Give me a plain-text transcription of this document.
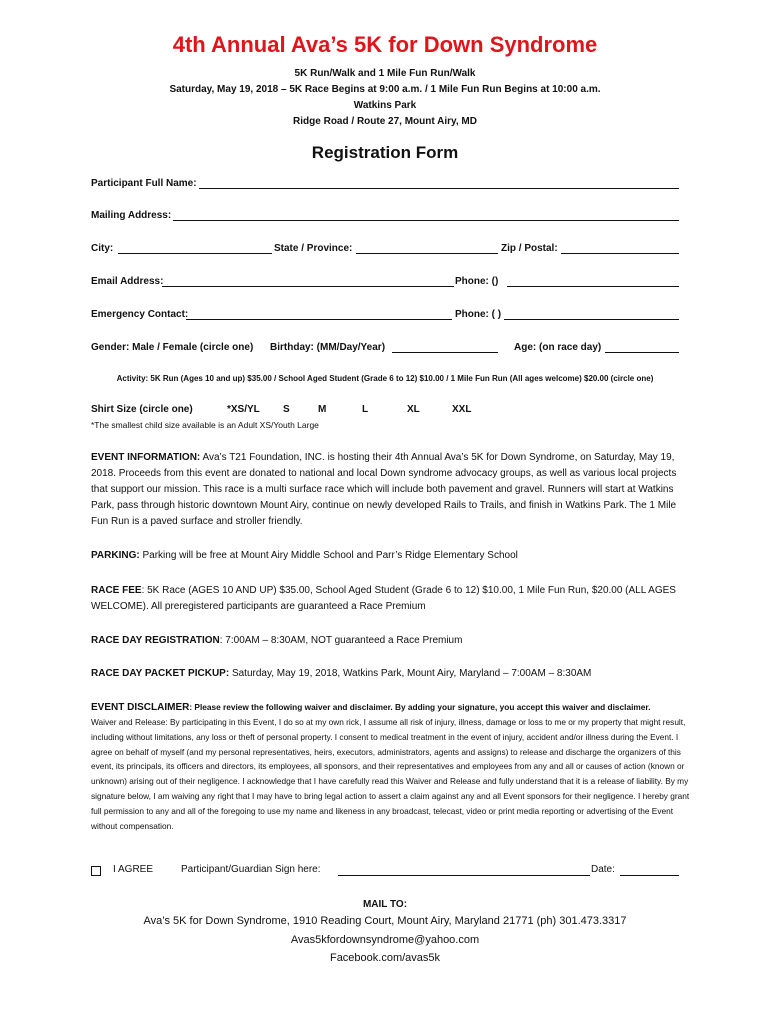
4th Annual Ava’s 5K for Down Syndrome
5K Run/Walk and 1 Mile Fun Run/Walk
Saturday, May 19, 2018 – 5K Race Begins at 9:00 a.m. / 1 Mile Fun Run Begins at 10:00 a.m.
Watkins Park
Ridge Road / Route 27, Mount Airy, MD
Registration Form
Participant Full Name:
Mailing Address:
City:	State / Province:	Zip / Postal:
Email Address:	Phone: ()
Emergency Contact:	Phone: ( )
Gender: Male / Female (circle one) Birthday: (MM/Day/Year)	Age: (on race day)
Activity: 5K Run (Ages 10 and up) $35.00 / School Aged Student (Grade 6 to 12) $10.00 / 1 Mile Fun Run (All ages welcome) $20.00 (circle one)
Shirt Size (circle one)	*XS/YL S	M	L	XL	XXL
*The smallest child size available is an Adult XS/Youth Large
EVENT INFORMATION: Ava’s T21 Foundation, INC. is hosting their 4th Annual Ava’s 5K for Down Syndrome, on Saturday, May 19, 2018. Proceeds from this event are donated to national and local Down syndrome advocacy groups, as well as various local projects that support our mission. This race is a multi surface race which will include both pavement and gravel. Runners will start at Watkins Park, pass through historic downtown Mount Airy, continue on newly developed Rails to Trails, and finish in Watkins Park. The 1 Mile Fun Run is a paved surface and stroller friendly.
PARKING: Parking will be free at Mount Airy Middle School and Parr’s Ridge Elementary School
RACE FEE: 5K Race (AGES 10 AND UP) $35.00, School Aged Student (Grade 6 to 12) $10.00, 1 Mile Fun Run, $20.00 (ALL AGES WELCOME). All preregistered participants are guaranteed a Race Premium
RACE DAY REGISTRATION: 7:00AM – 8:30AM, NOT guaranteed a Race Premium
RACE DAY PACKET PICKUP: Saturday, May 19, 2018, Watkins Park, Mount Airy, Maryland – 7:00AM – 8:30AM
EVENT DISCLAIMER: Please review the following waiver and disclaimer. By adding your signature, you accept this waiver and disclaimer.
Waiver and Release: By participating in this Event, I do so at my own rick, I assume all risk of injury, illness, damage or loss to me or my property that might result, including without limitations, any loss or theft of personal property. I consent to medical treatment in the event of injury, accident and/or illness during the Event. I agree on behalf of myself (and my personal representatives, heirs, executors, administrators, agents and assigns) to release and discharge the organizers of this event, its principals, its officers and directors, its employees, all sponsors, and their representatives and employees from any and all or causes of action (known or unknown) arising out of their negligence. I acknowledge that I have carefully read this Waiver and Release and fully understand that it is a release of liability. By my signature below, I am waiving any right that I may have to bring legal action to assert a claim against any and all Event sponsors for their negligence. I hereby grant full permission to any and all of the foregoing to use my name and likeness in any broadcast, telecast, video or print media reporting or advertising of the Event without compensation.
I AGREE	Participant/Guardian Sign here:	Date:
MAIL TO:
Ava’s 5K for Down Syndrome, 1910 Reading Court, Mount Airy, Maryland 21771 (ph) 301.473.3317
Avas5kfordownsyndrome@yahoo.com
Facebook.com/avas5k
